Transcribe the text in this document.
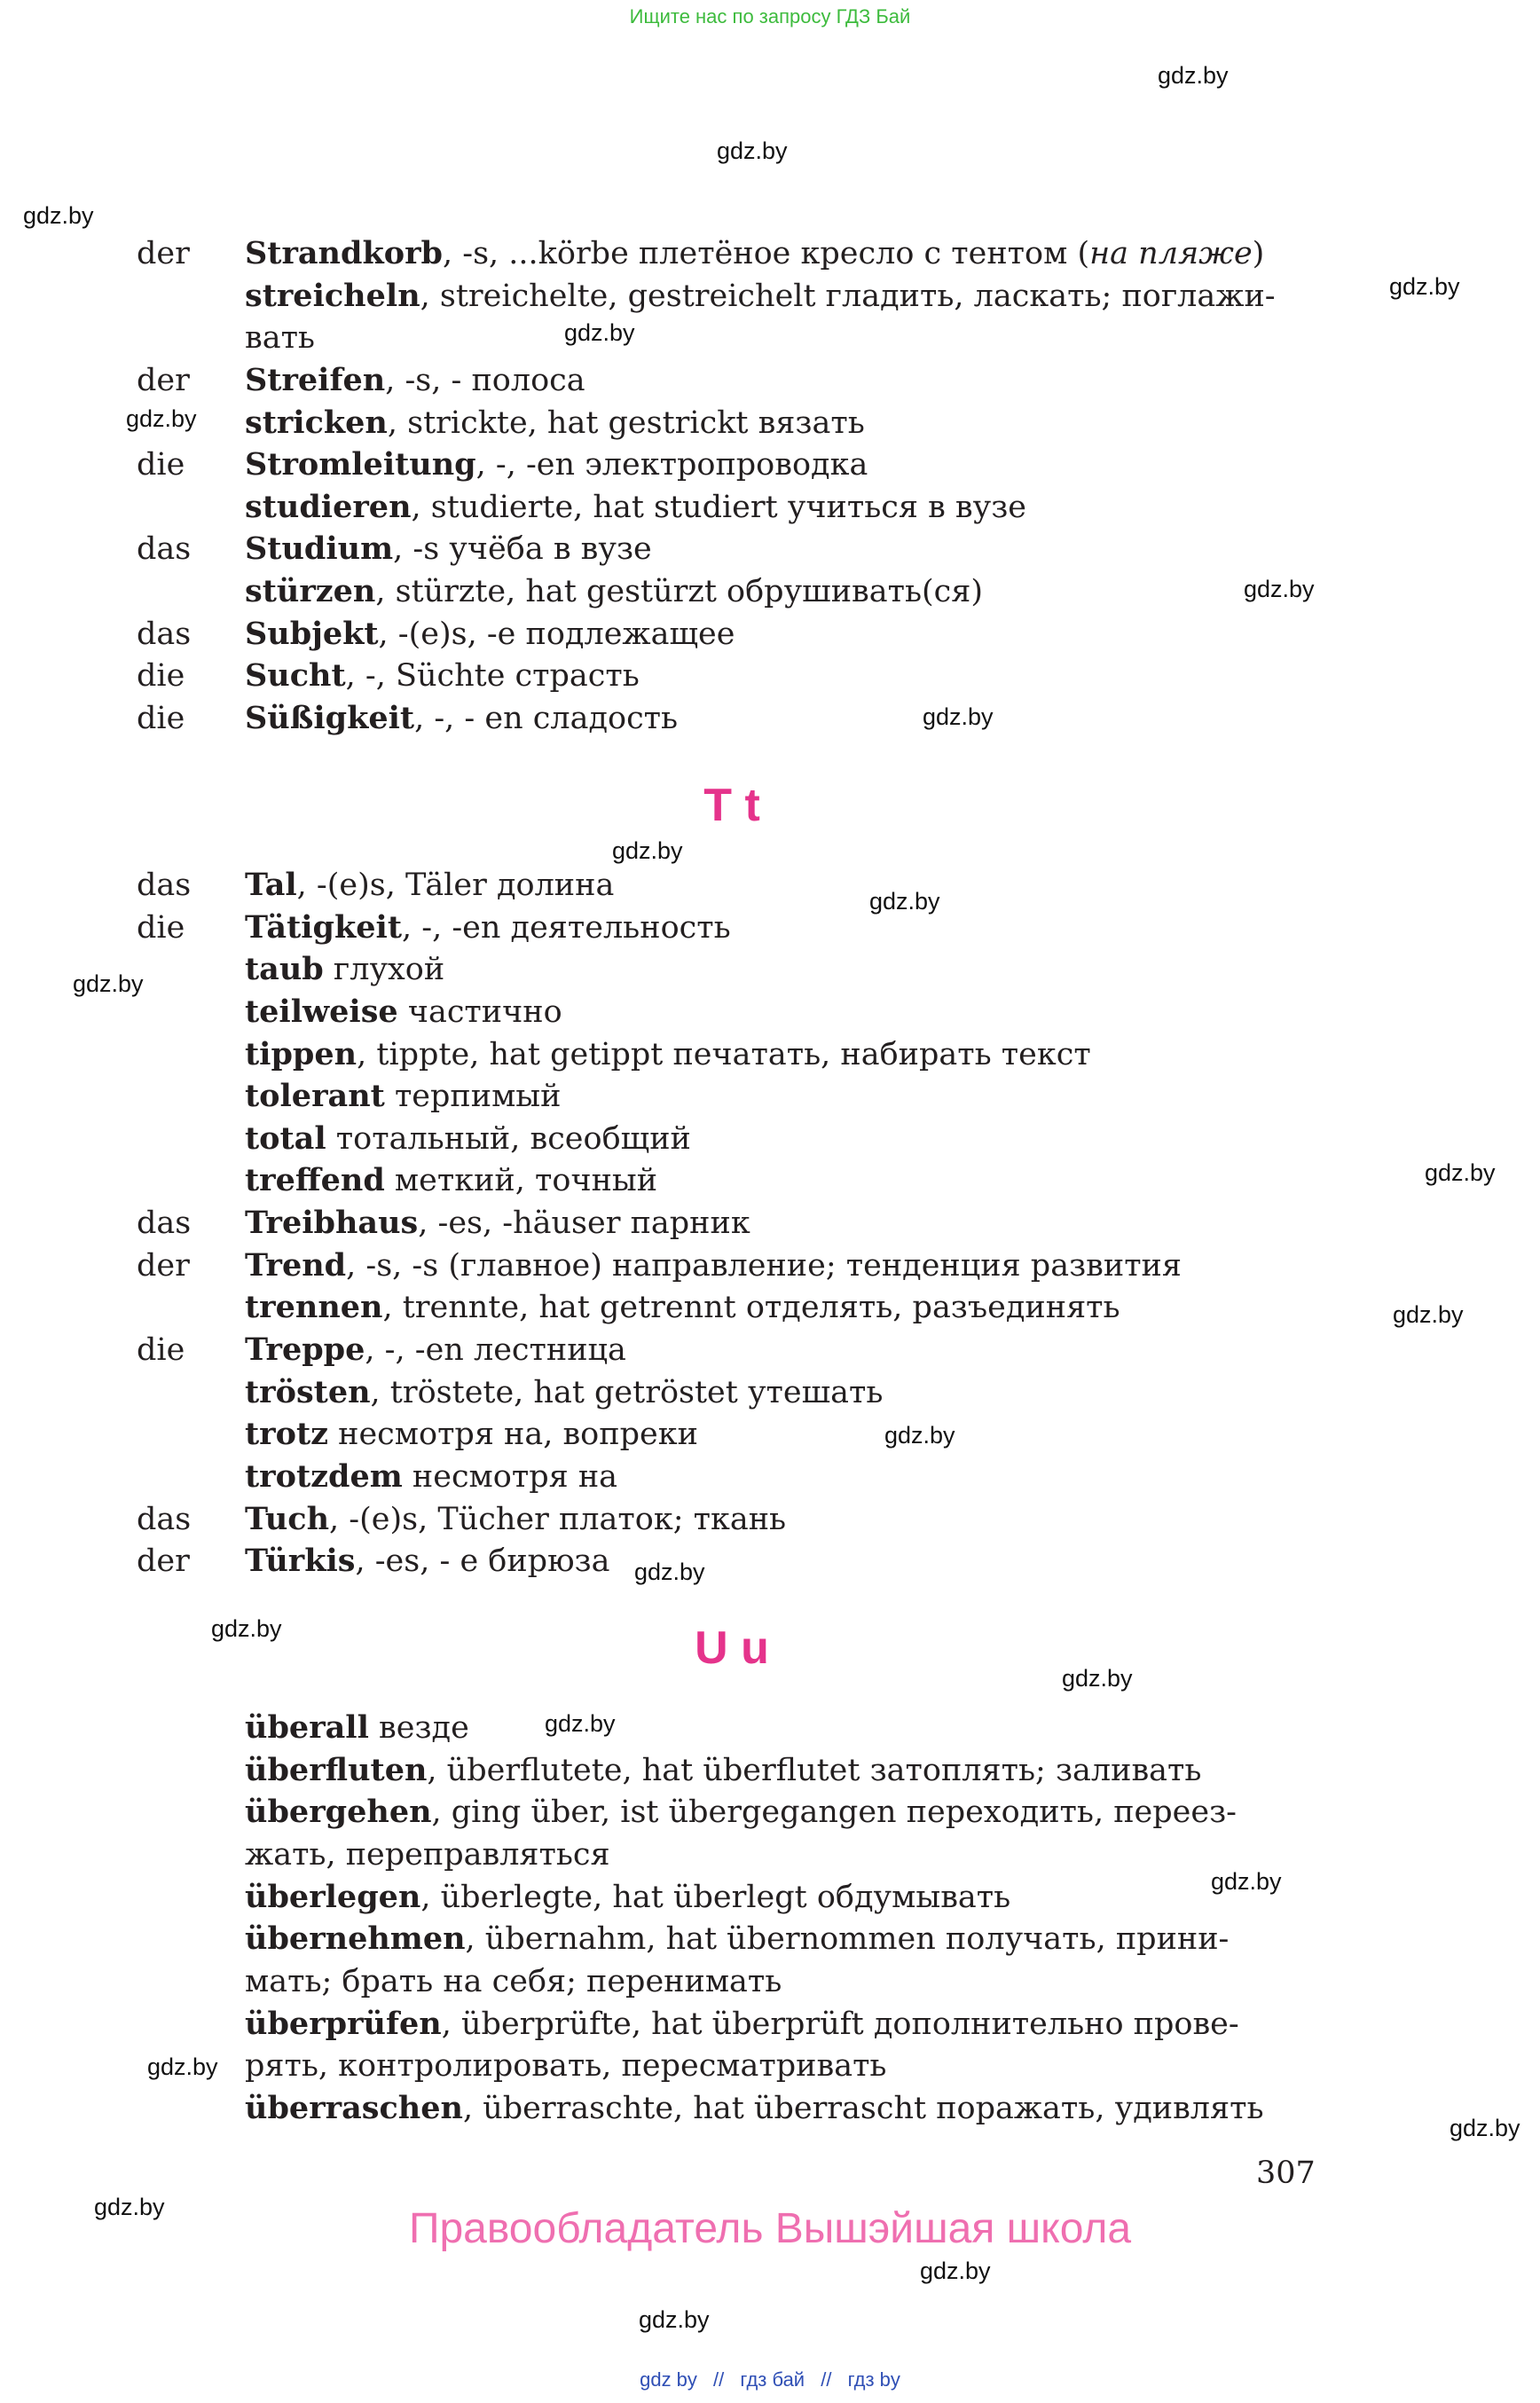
Ищите нас по запросу ГДЗ Бай
gdz.by
gdz.by
gdz.by
gdz.by
gdz.by
gdz.by
gdz.by
gdz.by
gdz.by
gdz.by
gdz.by
gdz.by
gdz.by
gdz.by
gdz.by
gdz.by
gdz.by
gdz.by
gdz.by
gdz.by
gdz.by
gdz.by
gdz.by
gdz.by
der Strandkorb, -s, ...körbe плетёное кресло с тентом (на пляже)
streicheln, streichelte, gestreichelt гладить, ласкать; поглажи-
вать
der Streifen, -s, - полоса
stricken, strickte, hat gestrickt вязать
die Stromleitung, -, -en электропроводка
studieren, studierte, hat studiert учиться в вузе
das Studium, -s учёба в вузе
stürzen, stürzte, hat gestürzt обрушивать(ся)
das Subjekt, -(e)s, -e подлежащее
die Sucht, -, Süchte страсть
die Süßigkeit, -, - en сладость
T t
das Tal, -(e)s, Täler долина
die Tätigkeit, -, -en деятельность
taub глухой
teilweise частично
tippen, tippte, hat getippt печатать, набирать текст
tolerant терпимый
total тотальный, всеобщий
treffend меткий, точный
das Treibhaus, -es, -häuser парник
der Trend, -s, -s (главное) направление; тенденция развития
trennen, trennte, hat getrennt отделять, разъединять
die Treppe, -, -en лестница
trösten, tröstete, hat getröstet утешать
trotz несмотря на, вопреки
trotzdem несмотря на
das Tuch, -(e)s, Tücher платок; ткань
der Türkis, -es, - е бирюза
U u
überall везде
überfluten, überflutete, hat überflutet затоплять; заливать
übergehen, ging über, ist übergegangen переходить, переез-
жать, переправляться
überlegen, überlegte, hat überlegt обдумывать
übernehmen, übernahm, hat übernommen получать, прини-
мать; брать на себя; перенимать
überprüfen, überprüfte, hat überprüft дополнительно прове-
рять, контролировать, пересматривать
überraschen, überraschte, hat überrascht поражать, удивлять
307
Правообладатель Вышэйшая школа
gdz by // гдз бай // гдз by
